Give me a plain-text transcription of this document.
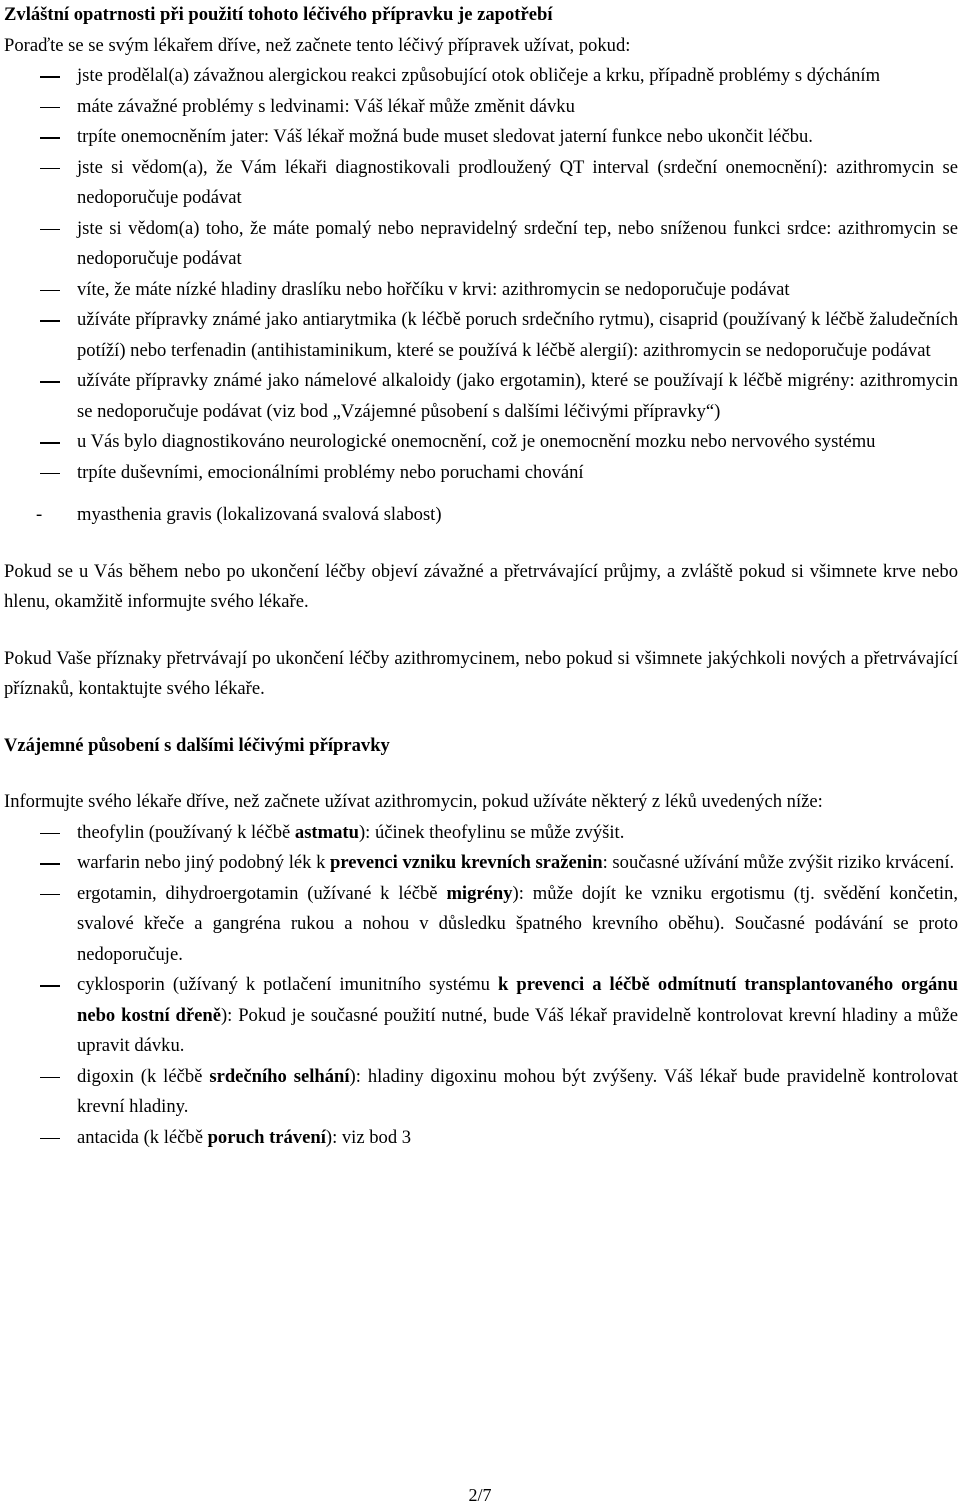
Zvláštní opatrnosti při použití tohoto léčivého přípravku je zapotřebí

Poraďte se se svým lékařem dříve, než začnete tento léčivý přípravek užívat, pokud:

jste prodělal(a) závažnou alergickou reakci způsobující otok obličeje a krku, případně problémy s dýcháním
máte závažné problémy s ledvinami: Váš lékař může změnit dávku
trpíte onemocněním jater: Váš lékař možná bude muset sledovat jaterní funkce nebo ukončit léčbu.
jste si vědom(a), že Vám lékaři diagnostikovali prodloužený QT interval (srdeční onemocnění): azithromycin se nedoporučuje podávat
jste si vědom(a) toho, že máte pomalý nebo nepravidelný srdeční tep, nebo sníženou funkci srdce: azithromycin se nedoporučuje podávat
víte, že máte nízké hladiny draslíku nebo hořčíku v krvi: azithromycin se nedoporučuje podávat
užíváte přípravky známé jako antiarytmika (k léčbě poruch srdečního rytmu), cisaprid (používaný k léčbě žaludečních potíží) nebo terfenadin (antihistaminikum, které se používá k léčbě alergií): azithromycin se nedoporučuje podávat
užíváte přípravky známé jako námelové alkaloidy (jako ergotamin), které se používají k léčbě migrény: azithromycin se nedoporučuje podávat (viz bod „Vzájemné působení s dalšími léčivými přípravky“)
u Vás bylo diagnostikováno neurologické onemocnění, což je onemocnění mozku nebo nervového systému
trpíte duševními, emocionálními problémy nebo poruchami chování
-	myasthenia gravis (lokalizovaná svalová slabost)

Pokud se u Vás během nebo po ukončení léčby objeví závažné a přetrvávající průjmy, a zvláště pokud si všimnete krve nebo hlenu, okamžitě informujte svého lékaře.

Pokud Vaše příznaky přetrvávají po ukončení léčby azithromycinem, nebo pokud si všimnete jakýchkoli nových a přetrvávající příznaků, kontaktujte svého lékaře.

Vzájemné působení s dalšími léčivými přípravky

Informujte svého lékaře dříve, než začnete užívat azithromycin, pokud užíváte některý z léků uvedených níže:

theofylin (používaný k léčbě astmatu): účinek theofylinu se může zvýšit.
warfarin nebo jiný podobný lék k prevenci vzniku krevních sraženin: současné užívání může zvýšit riziko krvácení.
ergotamin, dihydroergotamin (užívané k léčbě migrény): může dojít ke vzniku ergotismu (tj. svědění končetin, svalové křeče a gangréna rukou a nohou v důsledku špatného krevního oběhu). Současné podávání se proto nedoporučuje.
cyklosporin (užívaný k potlačení imunitního systému k prevenci a léčbě odmítnutí transplantovaného orgánu nebo kostní dřeně): Pokud je současné použití nutné, bude Váš lékař pravidelně kontrolovat krevní hladiny a může upravit dávku.
digoxin (k léčbě srdečního selhání): hladiny digoxinu mohou být zvýšeny. Váš lékař bude pravidelně kontrolovat krevní hladiny.
antacida (k léčbě poruch trávení): viz bod 3
2/7
